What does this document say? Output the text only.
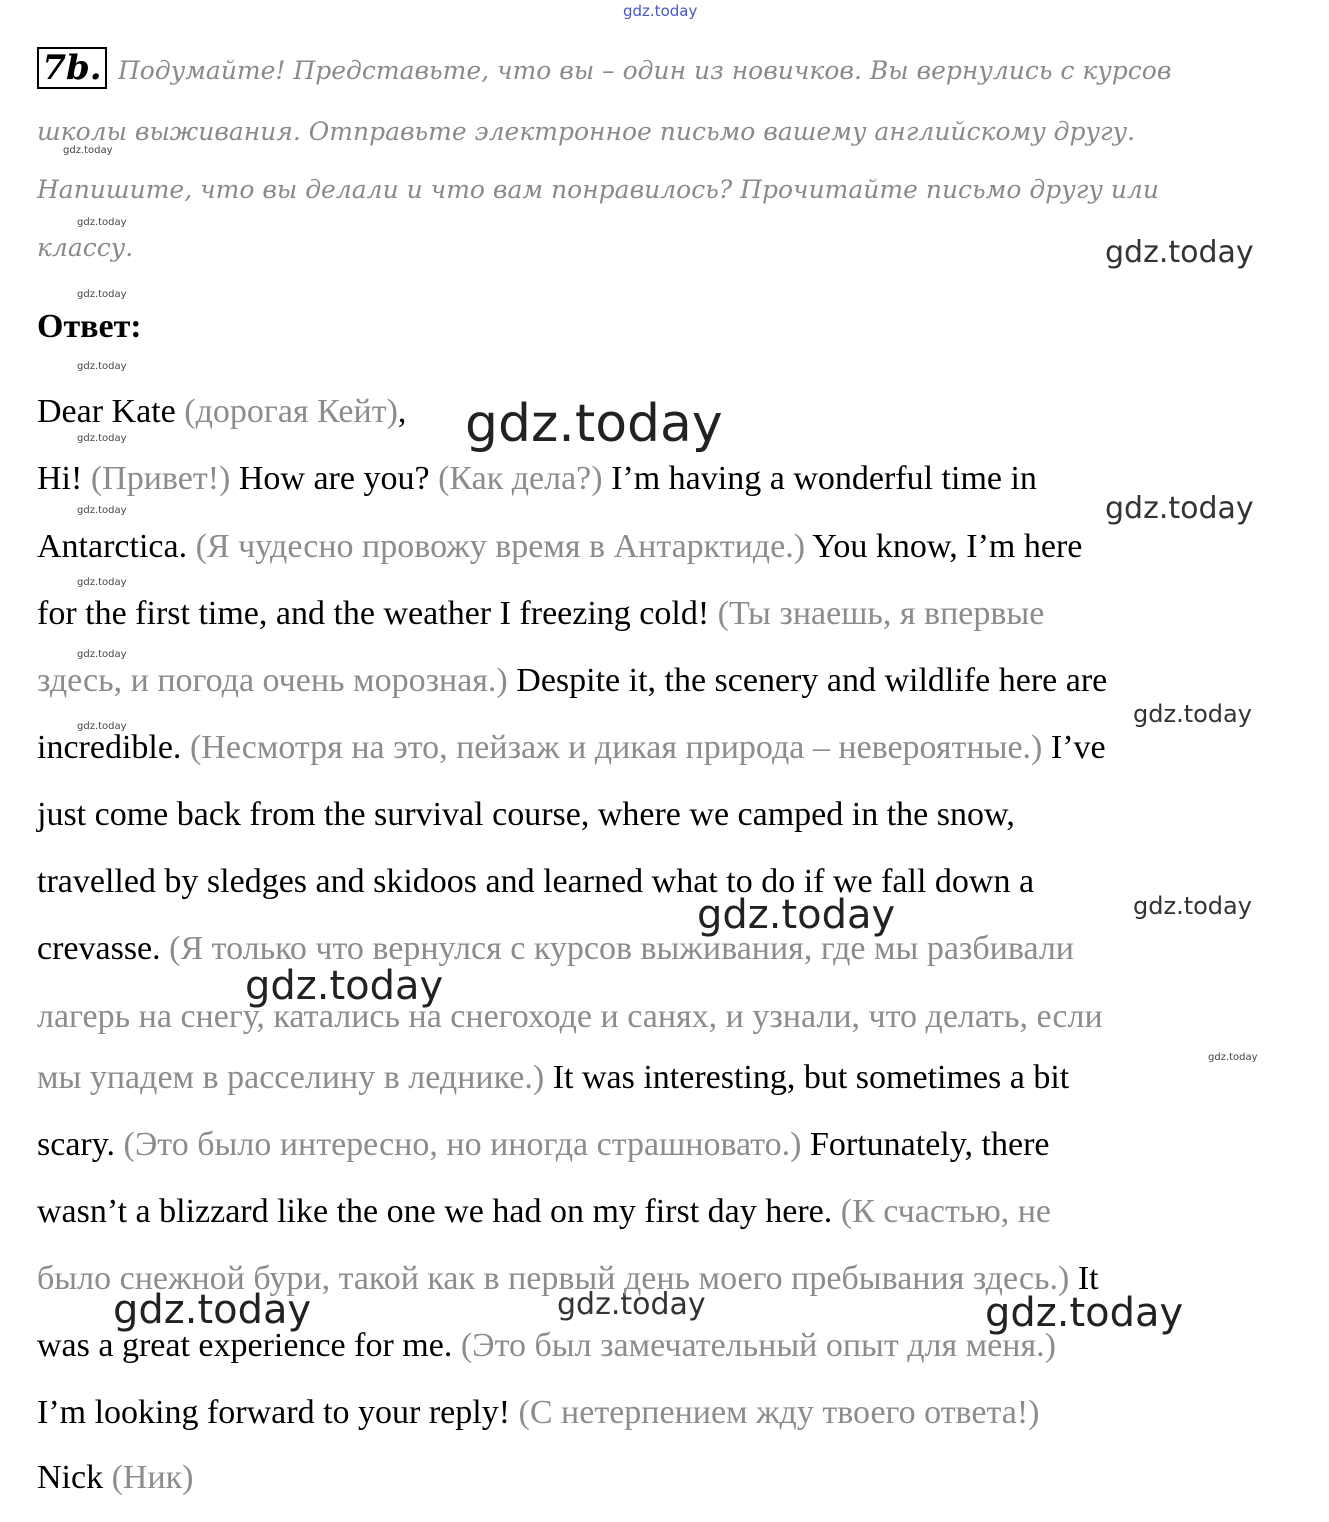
gdz.today
gdz.today
gdz.today
gdz.today
gdz.today
gdz.today
gdz.today
gdz.today
gdz.today
gdz.today
gdz.today
gdz.today
gdz.today
gdz.today
gdz.today
gdz.today
gdz.today
gdz.today
gdz.today	gdz.today
gdz.today
7b. Подумайте! Представьте, что вы – один из новичков. Вы вернулись с курсов
школы выживания. Отправьте электронное письмо вашему английскому другу.
Напишите, что вы делали и что вам понравилось? Прочитайте письмо другу или
классу.
Ответ:
Dear Kate (дорогая Кейт),
Hi! (Привет!) How are you? (Как дела?) I’m having a wonderful time in
Antarctica. (Я чудесно провожу время в Антарктиде.) You know, I’m here
for the first time, and the weather I freezing cold! (Ты знаешь, я впервые
здесь, и погода очень морозная.) Despite it, the scenery and wildlife here are
incredible. (Несмотря на это, пейзаж и дикая природа – невероятные.) I’ve
just come back from the survival course, where we camped in the snow,
travelled by sledges and skidoos and learned what to do if we fall down a
crevasse. (Я только что вернулся с курсов выживания, где мы разбивали
лагерь на снегу, катались на снегоходе и санях, и узнали, что делать, если
мы упадем в расселину в леднике.) It was interesting, but sometimes a bit
scary. (Это было интересно, но иногда страшновато.) Fortunately, there
wasn’t a blizzard like the one we had on my first day here. (К счастью, не
было снежной бури, такой как в первый день моего пребывания здесь.) It
was a great experience for me. (Это был замечательный опыт для меня.)
I’m looking forward to your reply! (С нетерпением жду твоего ответа!)
Nick (Ник)
